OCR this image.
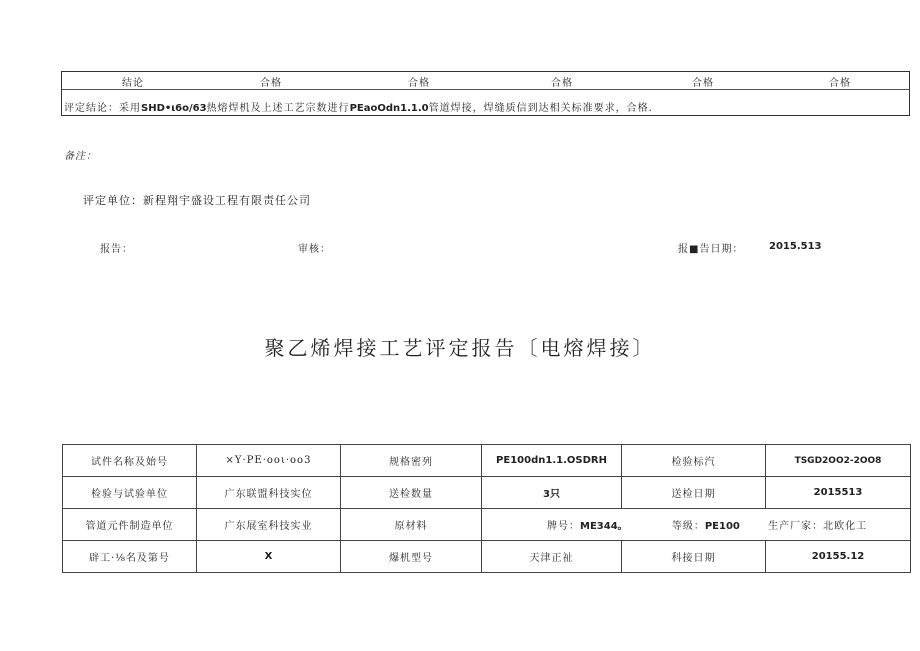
结论	合格	合格	合格	合格	合格
评定结论：采用SHD•ι6o/63热熔焊机及上述工艺宗数进行PEaoOdn1.1.0管道焊接，焊缝质信到达相关标准要求，合格.
备注：
评定单位：新程翔宇盛设工程有限责任公司
报告：	审核：	报■告日期：	2015.513
聚乙烯焊接工艺评定报告〔电熔焊接〕
试件名称及始号	×Y·PE·ooι·oo3	规格密列	PE100dn1.1.OSDRH	检验标汽	TSGD2OO2-2OO8
检验与试验单位	广东联盟科技实位	送检数量	3只	送检日期	2015513
管道元件制造单位	广东展室科技实业	原材料	牌号：ME344。 等级：PE100 生产厂家：北欧化工		
辟工·⅛名及第号	X	爆机型号	天津正祉	科接日期	20155.12
